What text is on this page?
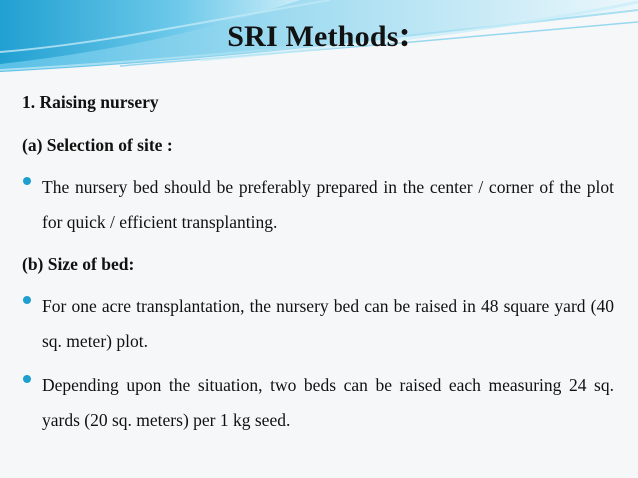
SRI Methods:
1. Raising nursery
(a) Selection of site :
The nursery bed should be preferably prepared in the center / corner of the plot for quick / efficient transplanting.
(b) Size of bed:
For one acre transplantation, the nursery bed can be raised in 48 square yard (40 sq. meter) plot.
Depending upon the situation, two beds can be raised each measuring 24 sq. yards (20 sq. meters) per 1 kg seed.
